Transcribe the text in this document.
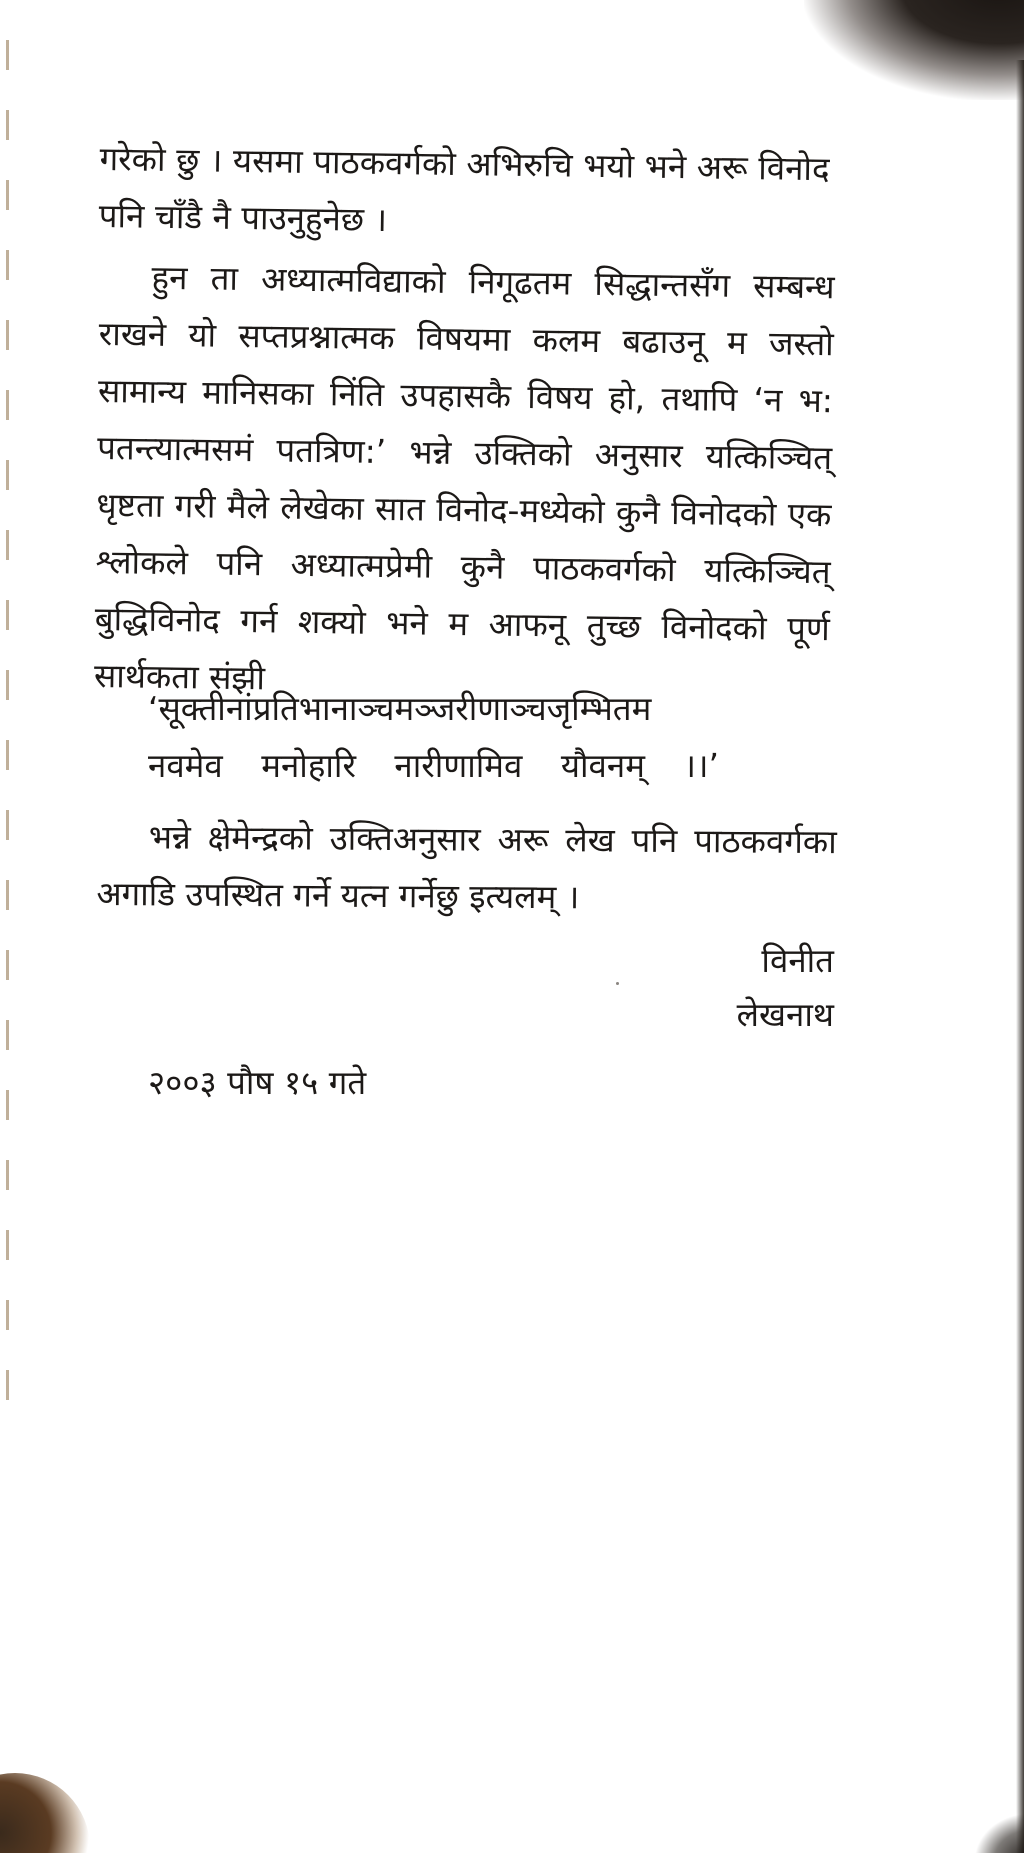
गरेको छु । यसमा पाठकवर्गको अभिरुचि भयो भने अरू विनोद पनि चाँडै नै पाउनुहुनेछ ।
हुन ता अध्यात्मविद्याको निगूढतम सिद्धान्तसँग सम्बन्ध राखने यो सप्तप्रश्नात्मक विषयमा कलम बढाउनू म जस्तो सामान्य मानिसका निंति उपहासकै विषय हो, तथापि ‘न भ: पतन्त्यात्मसमं पतत्रिण:’ भन्ने उक्तिको अनुसार यत्किञ्चित् धृष्टता गरी मैले लेखेका सात विनोद-मध्येको कुनै विनोदको एक श्लोकले पनि अध्यात्मप्रेमी कुनै पाठकवर्गको यत्किञ्चित् बुद्धिविनोद गर्न शक्यो भने म आफनू तुच्छ विनोदको पूर्ण सार्थकता संझी
‘सूक्तीनांप्रतिभानाञ्चमञ्जरीणाञ्चजृम्भितम
नवमेव मनोहारि नारीणामिव यौवनम् ।।’
भन्ने क्षेमेन्द्रको उक्तिअनुसार अरू लेख पनि पाठकवर्गका अगाडि उपस्थित गर्ने यत्न गर्नेछु इत्यलम् ।
विनीत
लेखनाथ
२००३ पौष १५ गते
